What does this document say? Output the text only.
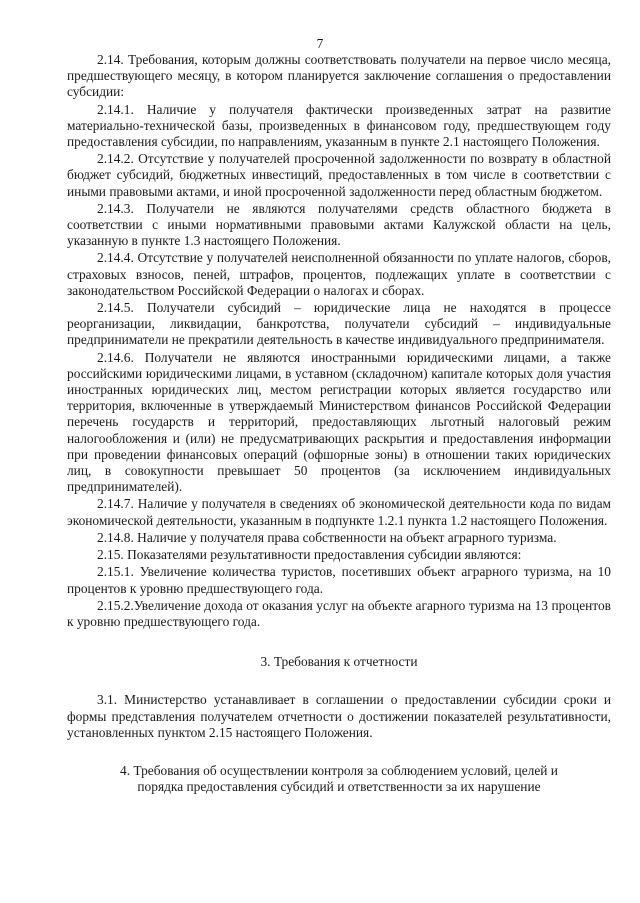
7

2.14. Требования, которым должны соответствовать получатели на первое число месяца, предшествующего месяцу, в котором планируется заключение соглашения о предоставлении субсидии:

2.14.1. Наличие у получателя фактически произведенных затрат на развитие материально-технической базы, произведенных в финансовом году, предшествующем году предоставления субсидии, по направлениям, указанным в пункте 2.1 настоящего Положения.

2.14.2. Отсутствие у получателей просроченной задолженности по возврату в областной бюджет субсидий, бюджетных инвестиций, предоставленных в том числе в соответствии с иными правовыми актами, и иной просроченной задолженности перед областным бюджетом.

2.14.3. Получатели не являются получателями средств областного бюджета в соответствии с иными нормативными правовыми актами Калужской области на цель, указанную в пункте 1.3 настоящего Положения.

2.14.4. Отсутствие у получателей неисполненной обязанности по уплате налогов, сборов, страховых взносов, пеней, штрафов, процентов, подлежащих уплате в соответствии с законодательством Российской Федерации о налогах и сборах.

2.14.5. Получатели субсидий – юридические лица не находятся в процессе реорганизации, ликвидации, банкротства, получатели субсидий – индивидуальные предприниматели не прекратили деятельность в качестве индивидуального предпринимателя.

2.14.6. Получатели не являются иностранными юридическими лицами, а также российскими юридическими лицами, в уставном (складочном) капитале которых доля участия иностранных юридических лиц, местом регистрации которых является государство или территория, включенные в утверждаемый Министерством финансов Российской Федерации перечень государств и территорий, предоставляющих льготный налоговый режим налогообложения и (или) не предусматривающих раскрытия и предоставления информации при проведении финансовых операций (офшорные зоны) в отношении таких юридических лиц, в совокупности превышает 50 процентов (за исключением индивидуальных предпринимателей).

2.14.7. Наличие у получателя в сведениях об экономической деятельности кода по видам экономической деятельности, указанным в подпункте 1.2.1 пункта 1.2 настоящего Положения.

2.14.8. Наличие у получателя права собственности на объект аграрного туризма.

2.15. Показателями результативности предоставления субсидии являются:

2.15.1. Увеличение количества туристов, посетивших объект аграрного туризма, на 10 процентов к уровню предшествующего года.

2.15.2.Увеличение дохода от оказания услуг на объекте агарного туризма на 13 процентов к уровню предшествующего года.

3. Требования к отчетности

3.1. Министерство устанавливает в соглашении о предоставлении субсидии сроки и формы представления получателем отчетности о достижении показателей результативности, установленных пунктом 2.15 настоящего Положения.

4. Требования об осуществлении контроля за соблюдением условий, целей и порядка предоставления субсидий и ответственности за их нарушение
